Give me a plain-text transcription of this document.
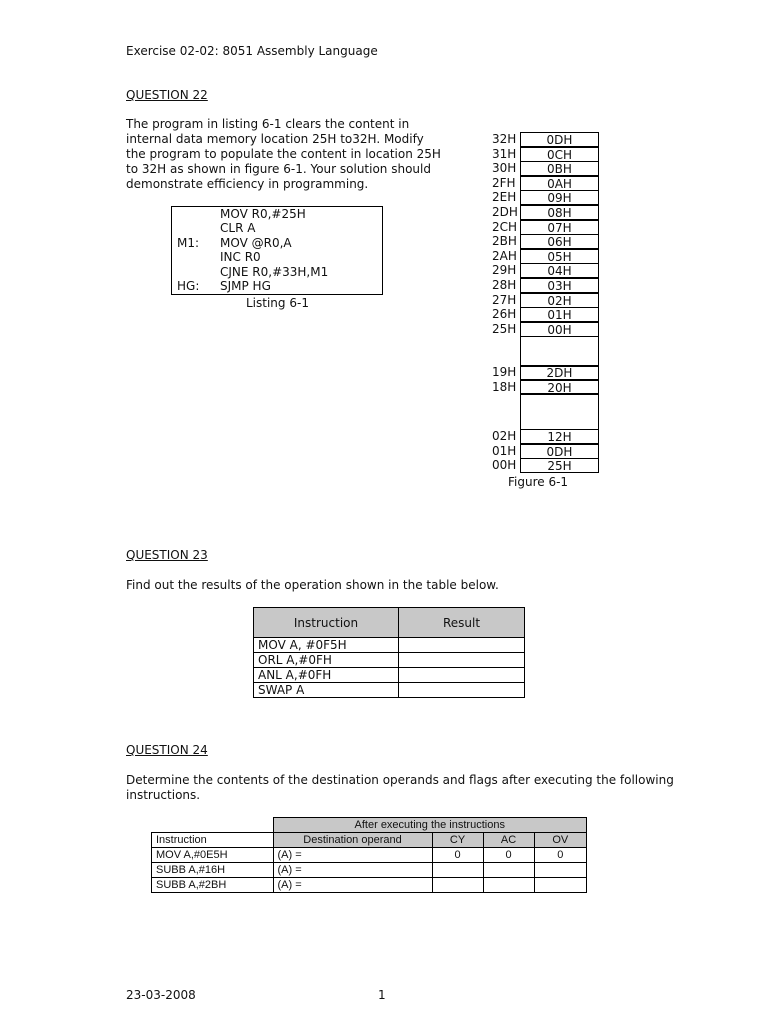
Exercise 02-02: 8051 Assembly Language
QUESTION 22
The program in listing 6-1 clears the content in
internal data memory location 25H to32H. Modify
the program to populate the content in location 25H
to 32H as shown in figure 6-1. Your solution should
demonstrate efficiency in programming.
MOV R0,#25H
CLR A
M1: MOV @R0,A
INC R0
CJNE R0,#33H,M1
HG: SJMP HG
Listing 6-1
32H	0DH
31H	0CH
30H	0BH
2FH	0AH
2EH	09H
2DH	08H
2CH	07H
2BH	06H
2AH	05H
29H	04H
28H	03H
27H	02H
26H	01H
25H	00H
19H	2DH
18H	20H
02H	12H
01H	0DH
00H	25H
Figure 6-1
QUESTION 23
Find out the results of the operation shown in the table below.
Instruction	Result
MOV A, #0F5H	
ORL A,#0FH	
ANL A,#0FH	
SWAP A	
QUESTION 24
Determine the contents of the destination operands and flags after executing the following
instructions.
	After executing the instructions			
Instruction	Destination operand	CY	AC	OV
MOV A,#0E5H	(A) =	0	0	0
SUBB A,#16H	(A) =			
SUBB A,#2BH	(A) =			
23-03-2008	1
